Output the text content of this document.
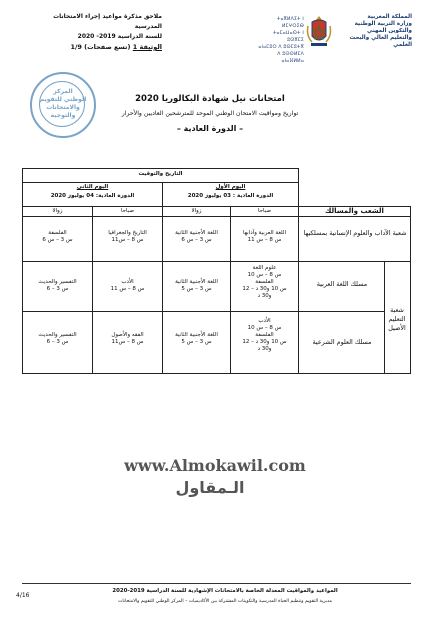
ملاحق مذكرة مواعيد إجراء الامتحانات المدرسية
للسنة الدراسية 2019- 2020
الوثيقة 1 (تسع صفحات) 1/9
المركز
الوطني للتقويم
والامتحانات
والتوجيه
ⵜⴰⴳⵍⴷⵉⵜ ⵏ ⵍⵎⵖⵔⵉⴱ
ⵜⴰⵎⴰⵡⴰⵙⵜ ⵏ ⵓⵙⴳⵎⵉ
ⴰⵏⴰⵎⵓⵔ ⴷ ⵓⵙⵎⵓⵜⴳ
ⴷ ⵓⵙⵙⵍⵎⴷ ⴰⵏⴰⴼⵍⵍⴰ
المملكة المغربية
وزارة التربية الوطنية
والتكوين المهني
والتعليم العالي والبحث العلمي
امتحانات نيل شهادة البكالوريا 2020
تواريخ ومواقيت الامتحان الوطني الموحد للمترشحين العاديين والأحرار
– الدورة العادية –
التاريخ والتوقيت
اليوم الأول
الدورة العادية : 03 يوليوز 2020
اليوم الثاني
الدورة العادية: 04 يوليوز 2020
صباحا
زوالا
صباحا
زوالا	الشعب والمسالك
شعبة الآداب والعلوم الإنسانية بمسلكيها
اللغة العربية وآدابها
س 8 – س 11
اللغة الأجنبية الثانية
س 3 – س 6
التاريخ والجغرافيا
س 8 – س11
الفلسفة
س 3 – س 6
مسلك اللغة العربية
علوم اللغة
س 8 – س 10
الفلسفة
س 10 و30 د – 12
و30 د
اللغة الأجنبية الثانية
س 3 – س 5
الأدب
س 8 – س 11
التفسير والحديث
س 3 – 6
مسلك العلوم الشرعية
الأدب
س 8 – س 10
الفلسفة
س 10 و30 د – 12
و30 د
اللغة الأجنبية الثانية
س 3 – س 5
الفقه والأصول
س 8 – س11
التفسير والحديث
س 3 – 6
شعبة التعليم الأصيل
www.Almokawil.com
الـمقاول
4/16
المواعيد والمواقيت المعدلة الخاصة بالامتحانات الإشهادية للسنة الدراسية 2019-2020
مديرية التقويم وتنظيم الحياة المدرسية والتكوينات المشتركة بين الأكاديميات – المركز الوطني للتقويم والامتحانات
